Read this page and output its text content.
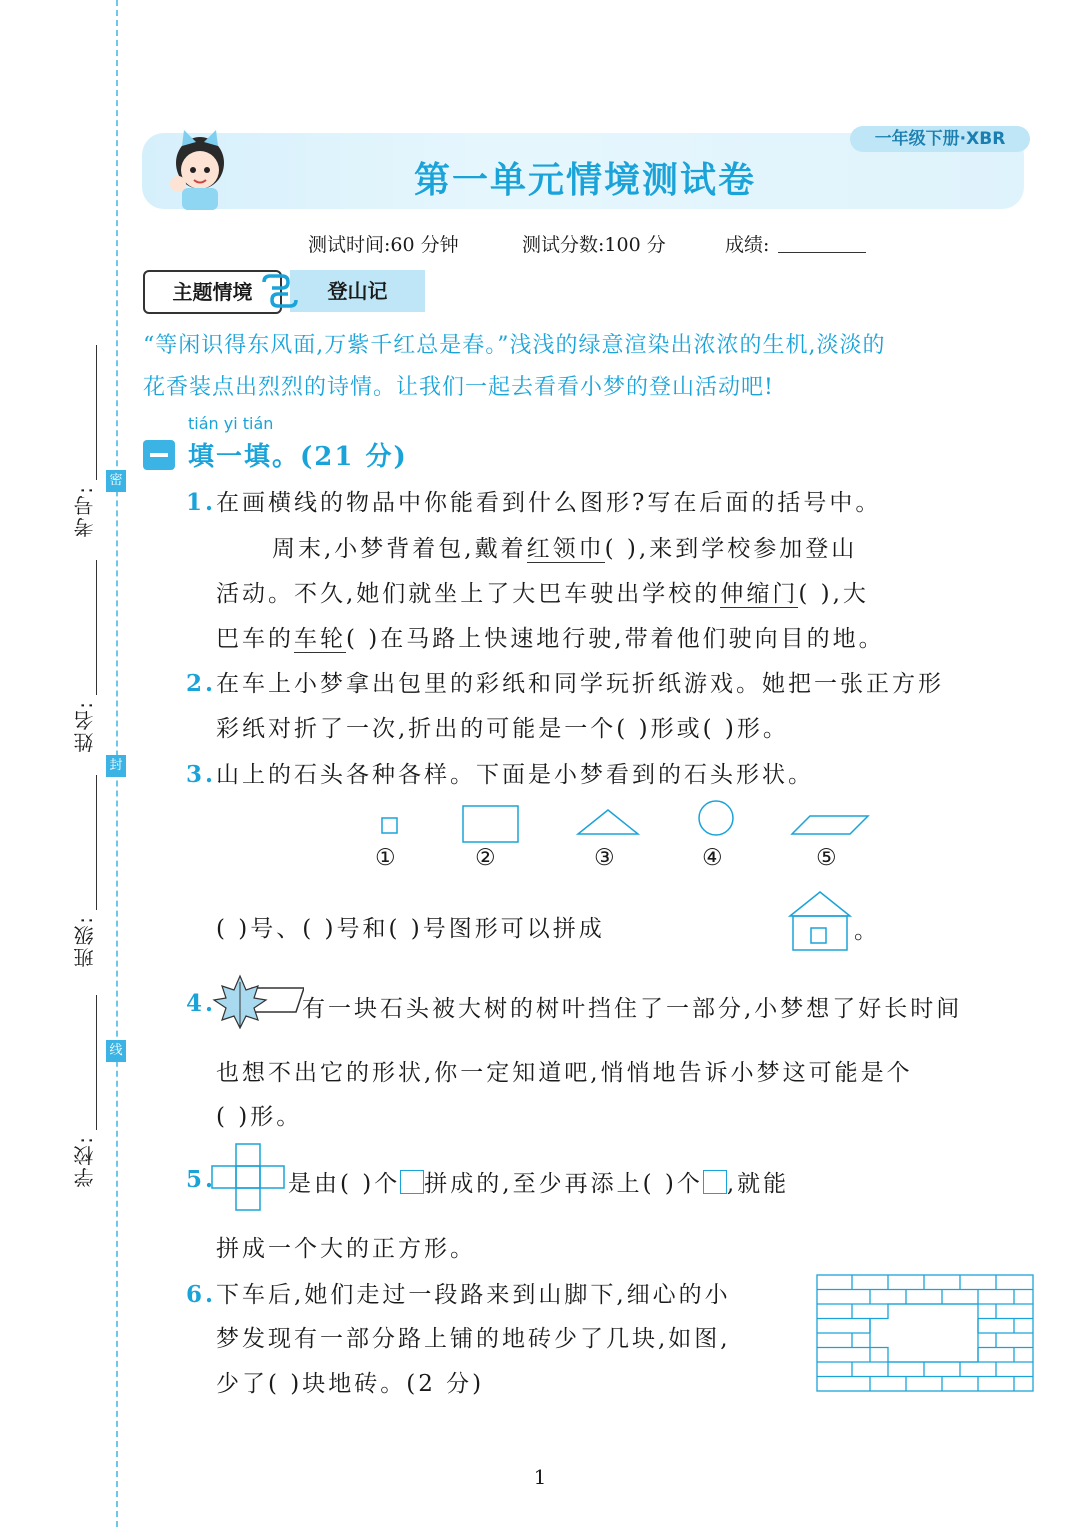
密
封
线
考号:
姓名:
班级:
学校:
一年级下册·XBR
第一单元情境测试卷
测试时间:60 分钟	测试分数:100 分	成绩:
登山记
主题情境
“等闲识得东风面,万紫千红总是春。”浅浅的绿意渲染出浓浓的生机,淡淡的
花香装点出烈烈的诗情。让我们一起去看看小梦的登山活动吧!
tián yi tián
填一填。(21 分)
1.在画横线的物品中你能看到什么图形?写在后面的括号中。
周末,小梦背着包,戴着红领巾( ),来到学校参加登山
活动。不久,她们就坐上了大巴车驶出学校的伸缩门( ),大
巴车的车轮( )在马路上快速地行驶,带着他们驶向目的地。
2.在车上小梦拿出包里的彩纸和同学玩折纸游戏。她把一张正方形
彩纸对折了一次,折出的可能是一个( )形或( )形。
3.山上的石头各种各样。下面是小梦看到的石头形状。
①	②	③	④	⑤
( )号、( )号和( )号图形可以拼成	。
4.	有一块石头被大树的树叶挡住了一部分,小梦想了好长时间
也想不出它的形状,你一定知道吧,悄悄地告诉小梦这可能是个
( )形。
5.	是由( )个 拼成的,至少再添上( )个 ,就能
拼成一个大的正方形。
6.下车后,她们走过一段路来到山脚下,细心的小
梦发现有一部分路上铺的地砖少了几块,如图,
少了( )块地砖。(2 分)
1
